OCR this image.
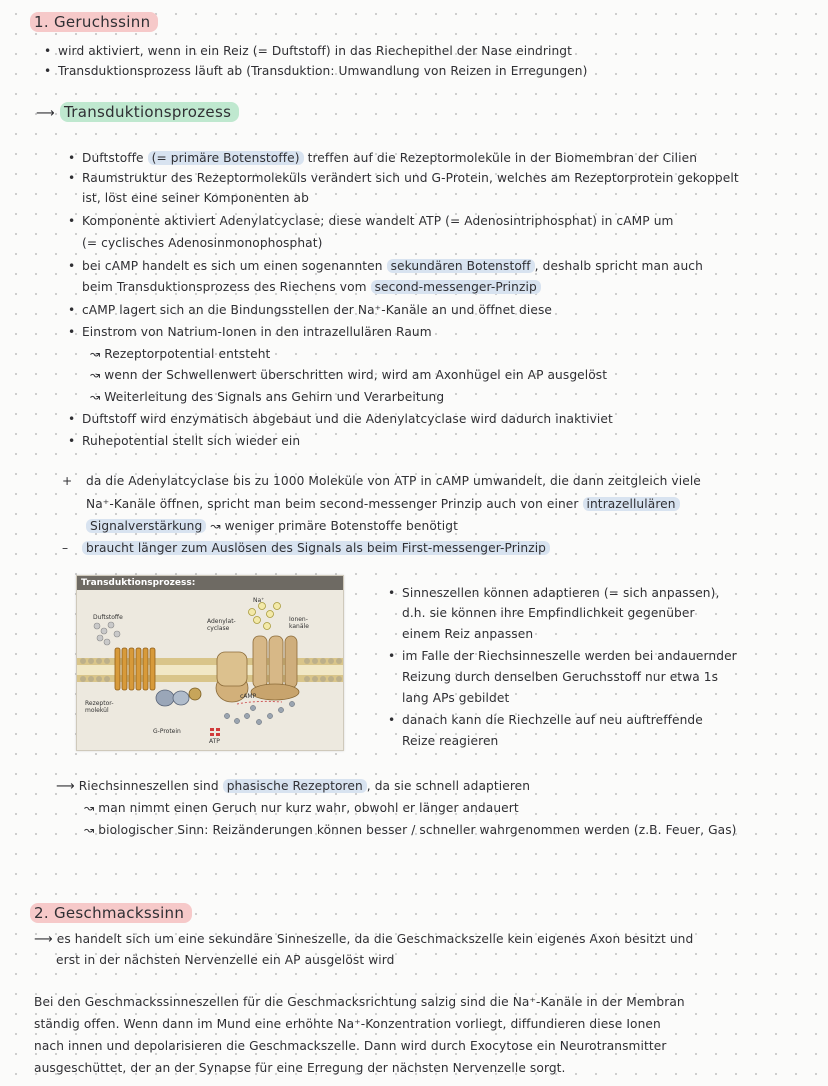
1. Geruchssinn
• wird aktiviert, wenn in ein Reiz (= Duftstoff) in das Riechepithel der Nase eindringt
• Transduktionsprozess läuft ab (Transduktion: Umwandlung von Reizen in Erregungen)
⟶ Transduktionsprozess
• Duftstoffe (= primäre Botenstoffe) treffen auf die Rezeptormoleküle in der Biomembran der Cilien
• Raumstruktur des Rezeptormoleküls verändert sich und G-Protein, welches am Rezeptorprotein gekoppelt
ist, löst eine seiner Komponenten ab
• Komponente aktiviert Adenylatcyclase; diese wandelt ATP (= Adenosintriphosphat) in cAMP um
(= cyclisches Adenosinmonophosphat)
• bei cAMP handelt es sich um einen sogenannten sekundären Botenstoff , deshalb spricht man auch
beim Transduktionsprozess des Riechens vom second-messenger-Prinzip
• cAMP lagert sich an die Bindungsstellen der Na⁺-Kanäle an und öffnet diese
• Einstrom von Natrium-Ionen in den intrazellulären Raum
↝ Rezeptorpotential entsteht
↝ wenn der Schwellenwert überschritten wird, wird am Axonhügel ein AP ausgelöst
↝ Weiterleitung des Signals ans Gehirn und Verarbeitung
• Duftstoff wird enzymatisch abgebaut und die Adenylatcyclase wird dadurch inaktiviet
• Ruhepotential stellt sich wieder ein
+ da die Adenylatcyclase bis zu 1000 Moleküle von ATP in cAMP umwandelt, die dann zeitgleich viele
Na⁺-Kanäle öffnen, spricht man beim second-messenger Prinzip auch von einer intrazellulären
Signalverstärkung ↝ weniger primäre Botenstoffe benötigt
–	braucht länger zum Auslösen des Signals als beim First-messenger-Prinzip
Transduktionsprozess:
Duftstoffe
Adenylat-
cyclase
Na⁺
Ionen-
kanäle
Rezeptor-
molekül
cAMP
G-Protein
ATP
• Sinneszellen können adaptieren (= sich anpassen),
d.h. sie können ihre Empfindlichkeit gegenüber
einem Reiz anpassen
• im Falle der Riechsinneszelle werden bei andauernder
Reizung durch denselben Geruchsstoff nur etwa 1s
lang APs gebildet
• danach kann die Riechzelle auf neu auftreffende
Reize reagieren
⟶ Riechsinneszellen sind phasische Rezeptoren , da sie schnell adaptieren
↝ man nimmt einen Geruch nur kurz wahr, obwohl er länger andauert
↝ biologischer Sinn: Reizänderungen können besser / schneller wahrgenommen werden (z.B. Feuer, Gas)
2. Geschmackssinn
⟶ es handelt sich um eine sekundäre Sinneszelle, da die Geschmackszelle kein eigenes Axon besitzt und
erst in der nächsten Nervenzelle ein AP ausgelöst wird
Bei den Geschmackssinneszellen für die Geschmacksrichtung salzig sind die Na⁺-Kanäle in der Membran
ständig offen. Wenn dann im Mund eine erhöhte Na⁺-Konzentration vorliegt, diffundieren diese Ionen
nach innen und depolarisieren die Geschmackszelle. Dann wird durch Exocytose ein Neurotransmitter
ausgeschüttet, der an der Synapse für eine Erregung der nächsten Nervenzelle sorgt.
